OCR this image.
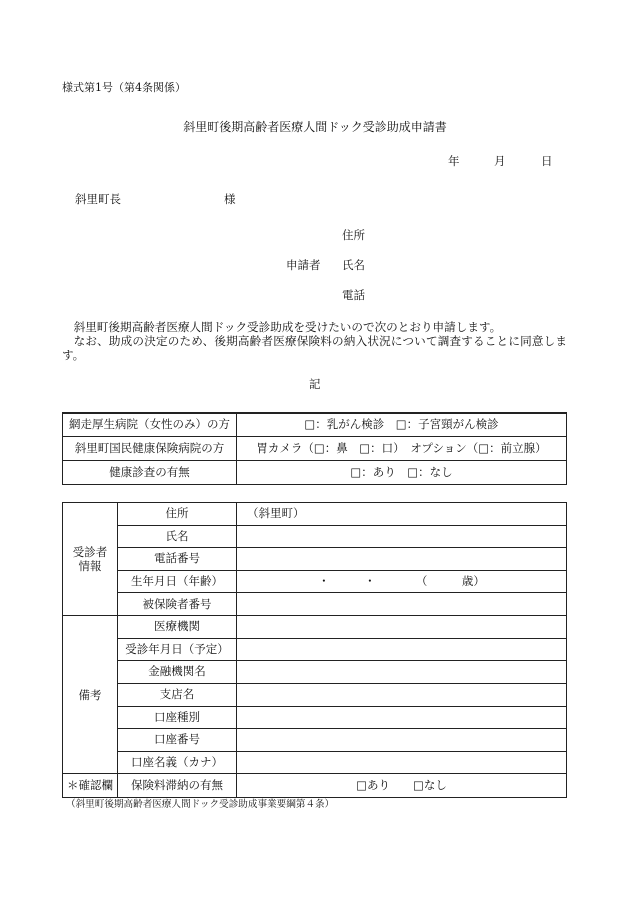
様式第1号（第4条関係）
斜里町後期高齢者医療人間ドック受診助成申請書
年	月	日
斜里町長	様
住所
申請者 氏名
電話

斜里町後期高齢者医療人間ドック受診助成を受けたいので次のとおり申請します。

なお、助成の決定のため、後期高齢者医療保険料の納入状況について調査することに同意します。

記
網走厚生病院（女性のみ）の方	□：乳がん検診　□：子宮頸がん検診
斜里町国民健康保険病院の方	胃カメラ（□：鼻　□：口）　オプション（□：前立腺）
健康診査の有無	□：あり　□：なし
受診者
情報
住所	（斜里町）
氏名
電話番号
生年月日（年齢）	・　　　・　　　　（　　　歳）
被保険者番号
備考
医療機関
受診年月日（予定）
金融機関名
支店名
口座種別
口座番号
口座名義（カナ）
＊確認欄	保険料滞納の有無	□あり　　□なし
（斜里町後期高齢者医療人間ドック受診助成事業要綱第４条）
